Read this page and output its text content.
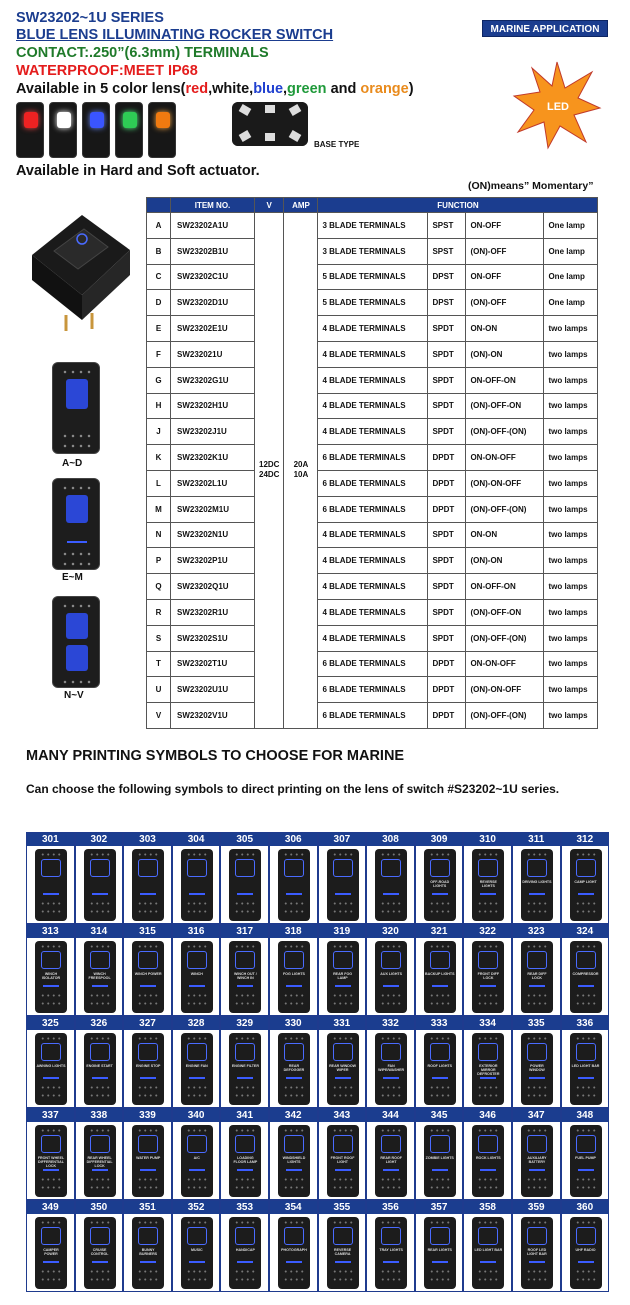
SW23202~1U SERIES
BLUE LENS ILLUMINATING ROCKER SWITCH
CONTACT:.250”(6.3mm) TERMINALS
WATERPROOF:MEET IP68
Available in 5 color lens(red,white,blue,green and orange)
Available in Hard and Soft actuator.
MARINE APPLICATION
LED
BASE TYPE
(ON)means” Momentary”
A~D
E~M
N~V
	ITEM NO.	V	AMP	FUNCTION			
A	SW23202A1U	12DC 24DC	20A 10A	3 BLADE TERMINALS	SPST	ON-OFF	One lamp
B	SW23202B1U			3 BLADE TERMINALS	SPST	(ON)-OFF	One lamp
C	SW23202C1U			5 BLADE TERMINALS	DPST	ON-OFF	One lamp
D	SW23202D1U			5 BLADE TERMINALS	DPST	(ON)-OFF	One lamp
E	SW23202E1U			4 BLADE TERMINALS	SPDT	ON-ON	two lamps
F	SW232021U			4 BLADE TERMINALS	SPDT	(ON)-ON	two lamps
G	SW23202G1U			4 BLADE TERMINALS	SPDT	ON-OFF-ON	two lamps
H	SW23202H1U			4 BLADE TERMINALS	SPDT	(ON)-OFF-ON	two lamps
J	SW23202J1U			4 BLADE TERMINALS	SPDT	(ON)-OFF-(ON)	two lamps
K	SW23202K1U			6 BLADE TERMINALS	DPDT	ON-ON-OFF	two lamps
L	SW23202L1U			6 BLADE TERMINALS	DPDT	(ON)-ON-OFF	two lamps
M	SW23202M1U			6 BLADE TERMINALS	DPDT	(ON)-OFF-(ON)	two lamps
N	SW23202N1U			4 BLADE TERMINALS	SPDT	ON-ON	two lamps
P	SW23202P1U			4 BLADE TERMINALS	SPDT	(ON)-ON	two lamps
Q	SW23202Q1U			4 BLADE TERMINALS	SPDT	ON-OFF-ON	two lamps
R	SW23202R1U			4 BLADE TERMINALS	SPDT	(ON)-OFF-ON	two lamps
S	SW23202S1U			4 BLADE TERMINALS	SPDT	(ON)-OFF-(ON)	two lamps
T	SW23202T1U			6 BLADE TERMINALS	DPDT	ON-ON-OFF	two lamps
U	SW23202U1U			6 BLADE TERMINALS	DPDT	(ON)-ON-OFF	two lamps
V	SW23202V1U			6 BLADE TERMINALS	DPDT	(ON)-OFF-(ON)	two lamps
MANY PRINTING SYMBOLS TO CHOOSE FOR MARINE
Can choose the following symbols to direct printing on the lens of switch #S23202~1U series.
301	302	303	304	305	306	307	308	309
OFF-ROAD LIGHTS
310
REVERSE LIGHTS
311
DRIVING LIGHTS
312
CAMP LIGHT
313
WINCH ISOLATOR
314
WINCH FREESPOOL
315
WINCH POWER
316
WINCH
317
WINCH OUT / WINCH IN
318
FOG LIGHTS
319
REAR FOG LAMP
320
AUX LIGHTS
321
BACKUP LIGHTS
322
FRONT DIFF LOCK
323
REAR DIFF LOCK
324
COMPRESSOR
325
AWNING LIGHTS
326
ENGINE START
327
ENGINE STOP
328
ENGINE FAN
329
ENGINE FILTER
330
REAR DEFOGGER
331
REAR WINDOW WIPER
332
FAN WIPE/WASHER
333
ROOF LIGHTS
334
EXTERIOR MIRROR DEFROSTER
335
POWER WINDOW
336
LED LIGHT BAR
337
FRONT WHEEL DIFFERENTIAL LOCK
338
REAR WHEEL DIFFERENTIAL LOCK
339
WATER PUMP
340
A/C
341
LOADING FLOOR LAMP
342
WINDSHIELD LIGHTS
343
FRONT ROOF LIGHT
344
REAR ROOF LIGHT
345
ZOMBIE LIGHTS
346
ROCK LIGHTS
347
AUXILIARY BATTERY
348
FUEL PUMP
349
CAMPER POWER
350
CRUISE CONTROL
351
BUNNY BURNERS
352
MUSIC
353
HANDICAP
354
PHOTOGRAPH
355
REVERSE CAMERA
356
TRAY LIGHTS
357
REAR LIGHTS
358
LED LIGHT BAR
359
ROOF LED LIGHT BAR
360
UHF RADIO
